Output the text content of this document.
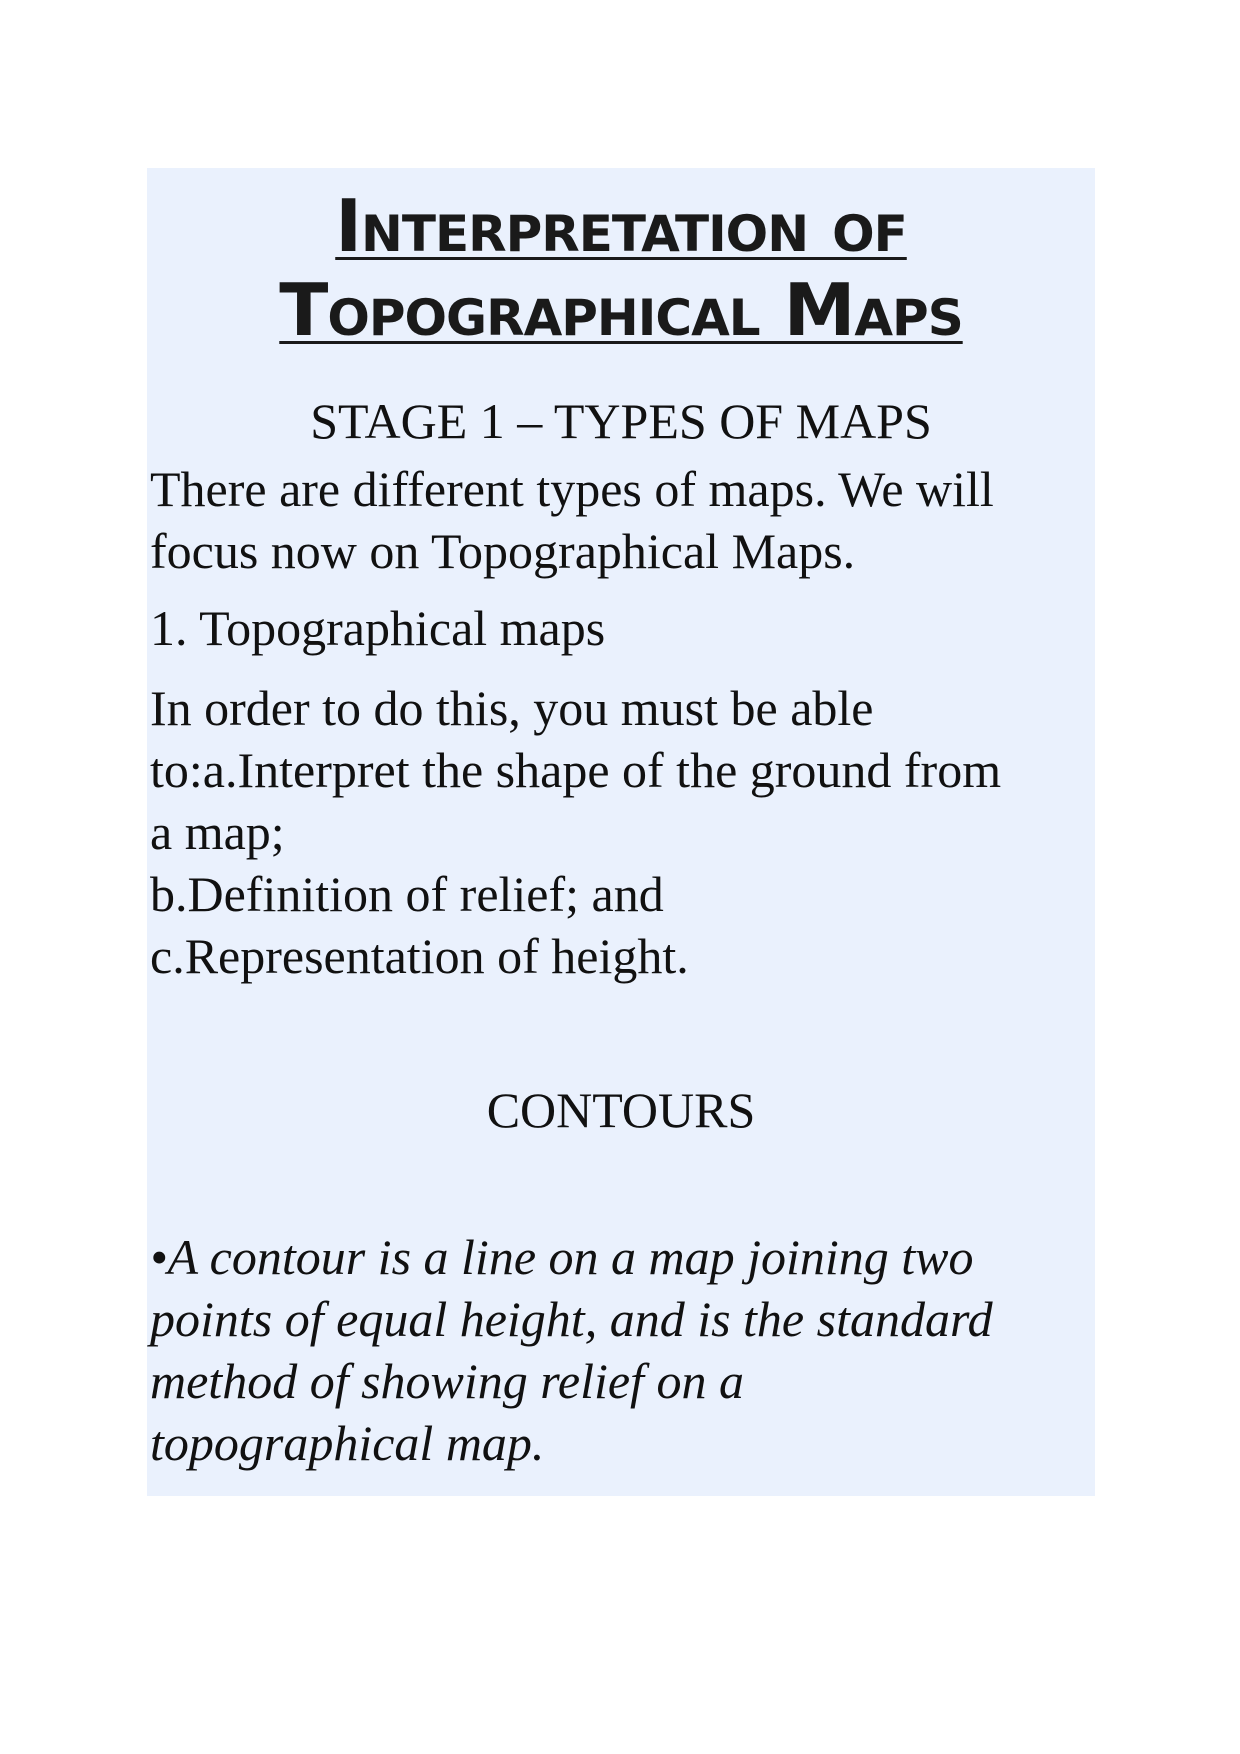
Interpretation of
Topographical Maps
STAGE 1 – TYPES OF MAPS
There are different types of maps. We will
focus now on Topographical Maps.
1. Topographical maps
In order to do this, you must be able
to:a.Interpret the shape of the ground from
a map;
b.Definition of relief; and
c.Representation of height.
CONTOURS
•A contour is a line on a map joining two
points of equal height, and is the standard
method of showing relief on a
topographical map.
